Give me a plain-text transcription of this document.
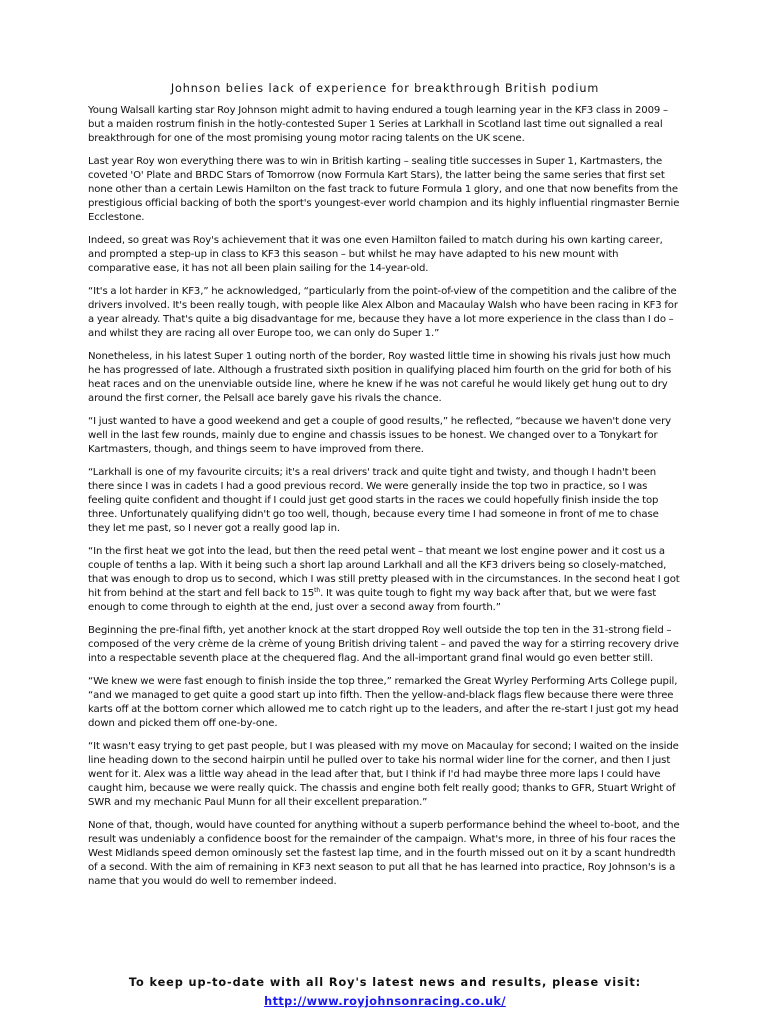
Johnson belies lack of experience for breakthrough British podium

Young Walsall karting star Roy Johnson might admit to having endured a tough learning year in the KF3 class in 2009 – but a maiden rostrum finish in the hotly-contested Super 1 Series at Larkhall in Scotland last time out signalled a real breakthrough for one of the most promising young motor racing talents on the UK scene.

Last year Roy won everything there was to win in British karting – sealing title successes in Super 1, Kartmasters, the coveted 'O' Plate and BRDC Stars of Tomorrow (now Formula Kart Stars), the latter being the same series that first set none other than a certain Lewis Hamilton on the fast track to future Formula 1 glory, and one that now benefits from the prestigious official backing of both the sport's youngest-ever world champion and its highly influential ringmaster Bernie Ecclestone.

Indeed, so great was Roy's achievement that it was one even Hamilton failed to match during his own karting career, and prompted a step-up in class to KF3 this season – but whilst he may have adapted to his new mount with comparative ease, it has not all been plain sailing for the 14-year-old.

“It's a lot harder in KF3,” he acknowledged, “particularly from the point-of-view of the competition and the calibre of the drivers involved. It's been really tough, with people like Alex Albon and Macaulay Walsh who have been racing in KF3 for a year already. That's quite a big disadvantage for me, because they have a lot more experience in the class than I do – and whilst they are racing all over Europe too, we can only do Super 1.”

Nonetheless, in his latest Super 1 outing north of the border, Roy wasted little time in showing his rivals just how much he has progressed of late. Although a frustrated sixth position in qualifying placed him fourth on the grid for both of his heat races and on the unenviable outside line, where he knew if he was not careful he would likely get hung out to dry around the first corner, the Pelsall ace barely gave his rivals the chance.

“I just wanted to have a good weekend and get a couple of good results,” he reflected, “because we haven't done very well in the last few rounds, mainly due to engine and chassis issues to be honest. We changed over to a Tonykart for Kartmasters, though, and things seem to have improved from there.

“Larkhall is one of my favourite circuits; it's a real drivers' track and quite tight and twisty, and though I hadn't been there since I was in cadets I had a good previous record. We were generally inside the top two in practice, so I was feeling quite confident and thought if I could just get good starts in the races we could hopefully finish inside the top three. Unfortunately qualifying didn't go too well, though, because every time I had someone in front of me to chase they let me past, so I never got a really good lap in.

“In the first heat we got into the lead, but then the reed petal went – that meant we lost engine power and it cost us a couple of tenths a lap. With it being such a short lap around Larkhall and all the KF3 drivers being so closely-matched, that was enough to drop us to second, which I was still pretty pleased with in the circumstances. In the second heat I got hit from behind at the start and fell back to 15th. It was quite tough to fight my way back after that, but we were fast enough to come through to eighth at the end, just over a second away from fourth.”

Beginning the pre-final fifth, yet another knock at the start dropped Roy well outside the top ten in the 31-strong field – composed of the very crème de la crème of young British driving talent – and paved the way for a stirring recovery drive into a respectable seventh place at the chequered flag. And the all-important grand final would go even better still.

“We knew we were fast enough to finish inside the top three,” remarked the Great Wyrley Performing Arts College pupil, “and we managed to get quite a good start up into fifth. Then the yellow-and-black flags flew because there were three karts off at the bottom corner which allowed me to catch right up to the leaders, and after the re-start I just got my head down and picked them off one-by-one.

“It wasn't easy trying to get past people, but I was pleased with my move on Macaulay for second; I waited on the inside line heading down to the second hairpin until he pulled over to take his normal wider line for the corner, and then I just went for it. Alex was a little way ahead in the lead after that, but I think if I'd had maybe three more laps I could have caught him, because we were really quick. The chassis and engine both felt really good; thanks to GFR, Stuart Wright of SWR and my mechanic Paul Munn for all their excellent preparation.”

None of that, though, would have counted for anything without a superb performance behind the wheel to-boot, and the result was undeniably a confidence boost for the remainder of the campaign. What's more, in three of his four races the West Midlands speed demon ominously set the fastest lap time, and in the fourth missed out on it by a scant hundredth of a second. With the aim of remaining in KF3 next season to put all that he has learned into practice, Roy Johnson's is a name that you would do well to remember indeed.

To keep up-to-date with all Roy's latest news and results, please visit:

http://www.royjohnsonracing.co.uk/
